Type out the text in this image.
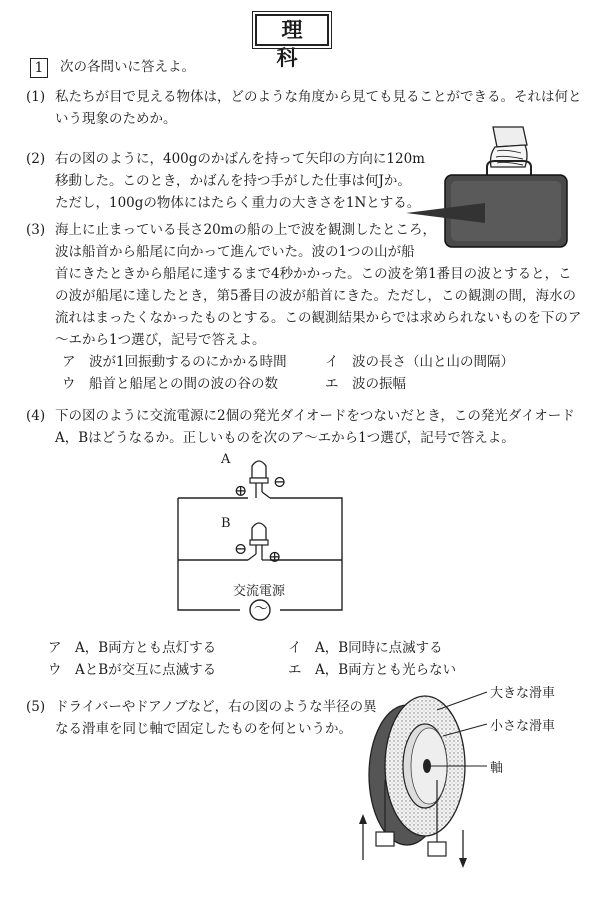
理　科
1	次の各問いに答えよ。
(1) 私たちが目で見える物体は，どのような角度から見ても見ることができる。それは何と
いう現象のためか。
(2) 右の図のように，400gのかばんを持って矢印の方向に120m
移動した。このとき，かばんを持つ手がした仕事は何Jか。
ただし，100gの物体にはたらく重力の大きさを1Nとする。
(3) 海上に止まっている長さ20mの船の上で波を観測したところ，
波は船首から船尾に向かって進んでいた。波の1つの山が船
首にきたときから船尾に達するまで4秒かかった。この波を第1番目の波とすると，こ
の波が船尾に達したとき，第5番目の波が船首にきた。ただし，この観測の間，海水の
流れはまったくなかったものとする。この観測結果からでは求められないものを下のア
～エから1つ選び，記号で答えよ。
ア　波が1回振動するのにかかる時間	イ　波の長さ（山と山の間隔）
ウ　船首と船尾との間の波の谷の数	エ　波の振幅
(4) 下の図のように交流電源に2個の発光ダイオードをつないだとき，この発光ダイオード
A，Bはどうなるか。正しいものを次のア～エから1つ選び，記号で答えよ。
A
B
⊕ ⊖
⊖ ⊕
交流電源
〜
ア　A，B両方とも点灯する	イ　A，B同時に点滅する
ウ　AとBが交互に点滅する	エ　A，B両方とも光らない
(5) ドライバーやドアノブなど，右の図のような半径の異
なる滑車を同じ軸で固定したものを何というか。
大きな滑車
小さな滑車
軸
